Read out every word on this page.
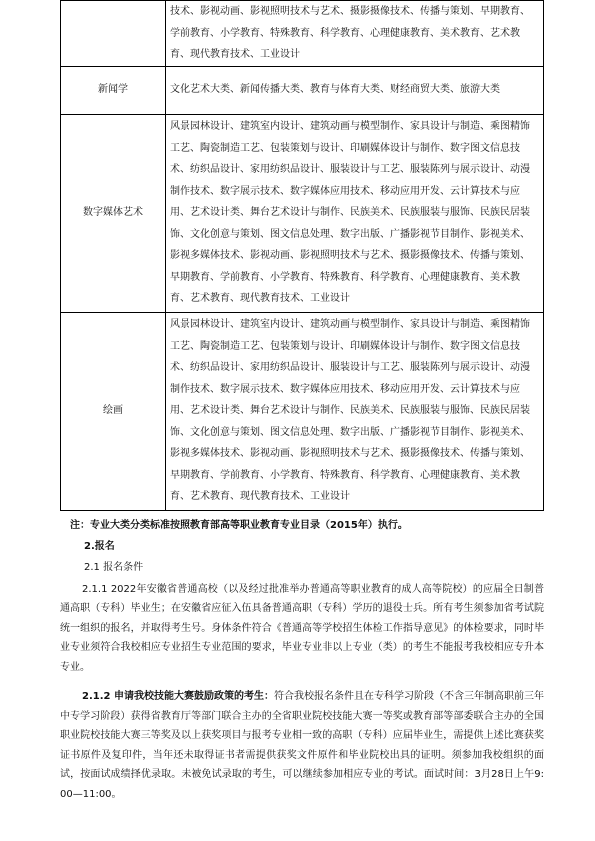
	技术、影视动画、影视照明技术与艺术、摄影摄像技术、传播与策划、早期教育、学前教育、小学教育、特殊教育、科学教育、心理健康教育、美术教育、艺术教育、现代教育技术、工业设计
新闻学	文化艺术大类、新闻传播大类、教育与体育大类、财经商贸大类、旅游大类
数字媒体艺术	风景园林设计、建筑室内设计、建筑动画与模型制作、家具设计与制造、乘图精饰工艺、陶瓷制造工艺、包装策划与设计、印刷媒体设计与制作、数字图文信息技术、纺织品设计、家用纺织品设计、服装设计与工艺、服装陈列与展示设计、动漫制作技术、数字展示技术、数字媒体应用技术、移动应用开发、云计算技术与应用、艺术设计类、舞台艺术设计与制作、民族美术、民族服装与服饰、民族民居装饰、文化创意与策划、图文信息处理、数字出版、广播影视节目制作、影视美术、影视多媒体技术、影视动画、影视照明技术与艺术、摄影摄像技术、传播与策划、早期教育、学前教育、小学教育、特殊教育、科学教育、心理健康教育、美术教育、艺术教育、现代教育技术、工业设计
绘画	风景园林设计、建筑室内设计、建筑动画与模型制作、家具设计与制造、乘图精饰工艺、陶瓷制造工艺、包装策划与设计、印刷媒体设计与制作、数字图文信息技术、纺织品设计、家用纺织品设计、服装设计与工艺、服装陈列与展示设计、动漫制作技术、数字展示技术、数字媒体应用技术、移动应用开发、云计算技术与应用、艺术设计类、舞台艺术设计与制作、民族美术、民族服装与服饰、民族民居装饰、文化创意与策划、图文信息处理、数字出版、广播影视节目制作、影视美术、影视多媒体技术、影视动画、影视照明技术与艺术、摄影摄像技术、传播与策划、早期教育、学前教育、小学教育、特殊教育、科学教育、心理健康教育、美术教育、艺术教育、现代教育技术、工业设计
注：专业大类分类标准按照教育部高等职业教育专业目录（2015年）执行。
2.报名
2.1 报名条件

2.1.1 2022年安徽省普通高校（以及经过批准举办普通高等职业教育的成人高等院校）的应届全日制普通高职（专科）毕业生；在安徽省应征入伍具备普通高职（专科）学历的退役士兵。所有考生须参加省考试院统一组织的报名，并取得考生号。身体条件符合《普通高等学校招生体检工作指导意见》的体检要求，同时毕业专业须符合我校相应专业招生专业范围的要求，毕业专业非以上专业（类）的考生不能报考我校相应专升本专业。

2.1.2 申请我校技能大赛鼓励政策的考生：符合我校报名条件且在专科学习阶段（不含三年制高职前三年中专学习阶段）获得省教育厅等部门联合主办的全省职业院校技能大赛一等奖或教育部等部委联合主办的全国职业院校技能大赛三等奖及以上获奖项目与报考专业相一致的高职（专科）应届毕业生，需提供上述比赛获奖证书原件及复印件，当年还未取得证书者需提供获奖文件原件和毕业院校出具的证明。须参加我校组织的面试，按面试成绩择优录取。未被免试录取的考生，可以继续参加相应专业的考试。面试时间：3月28日上午9:00—11:00。
